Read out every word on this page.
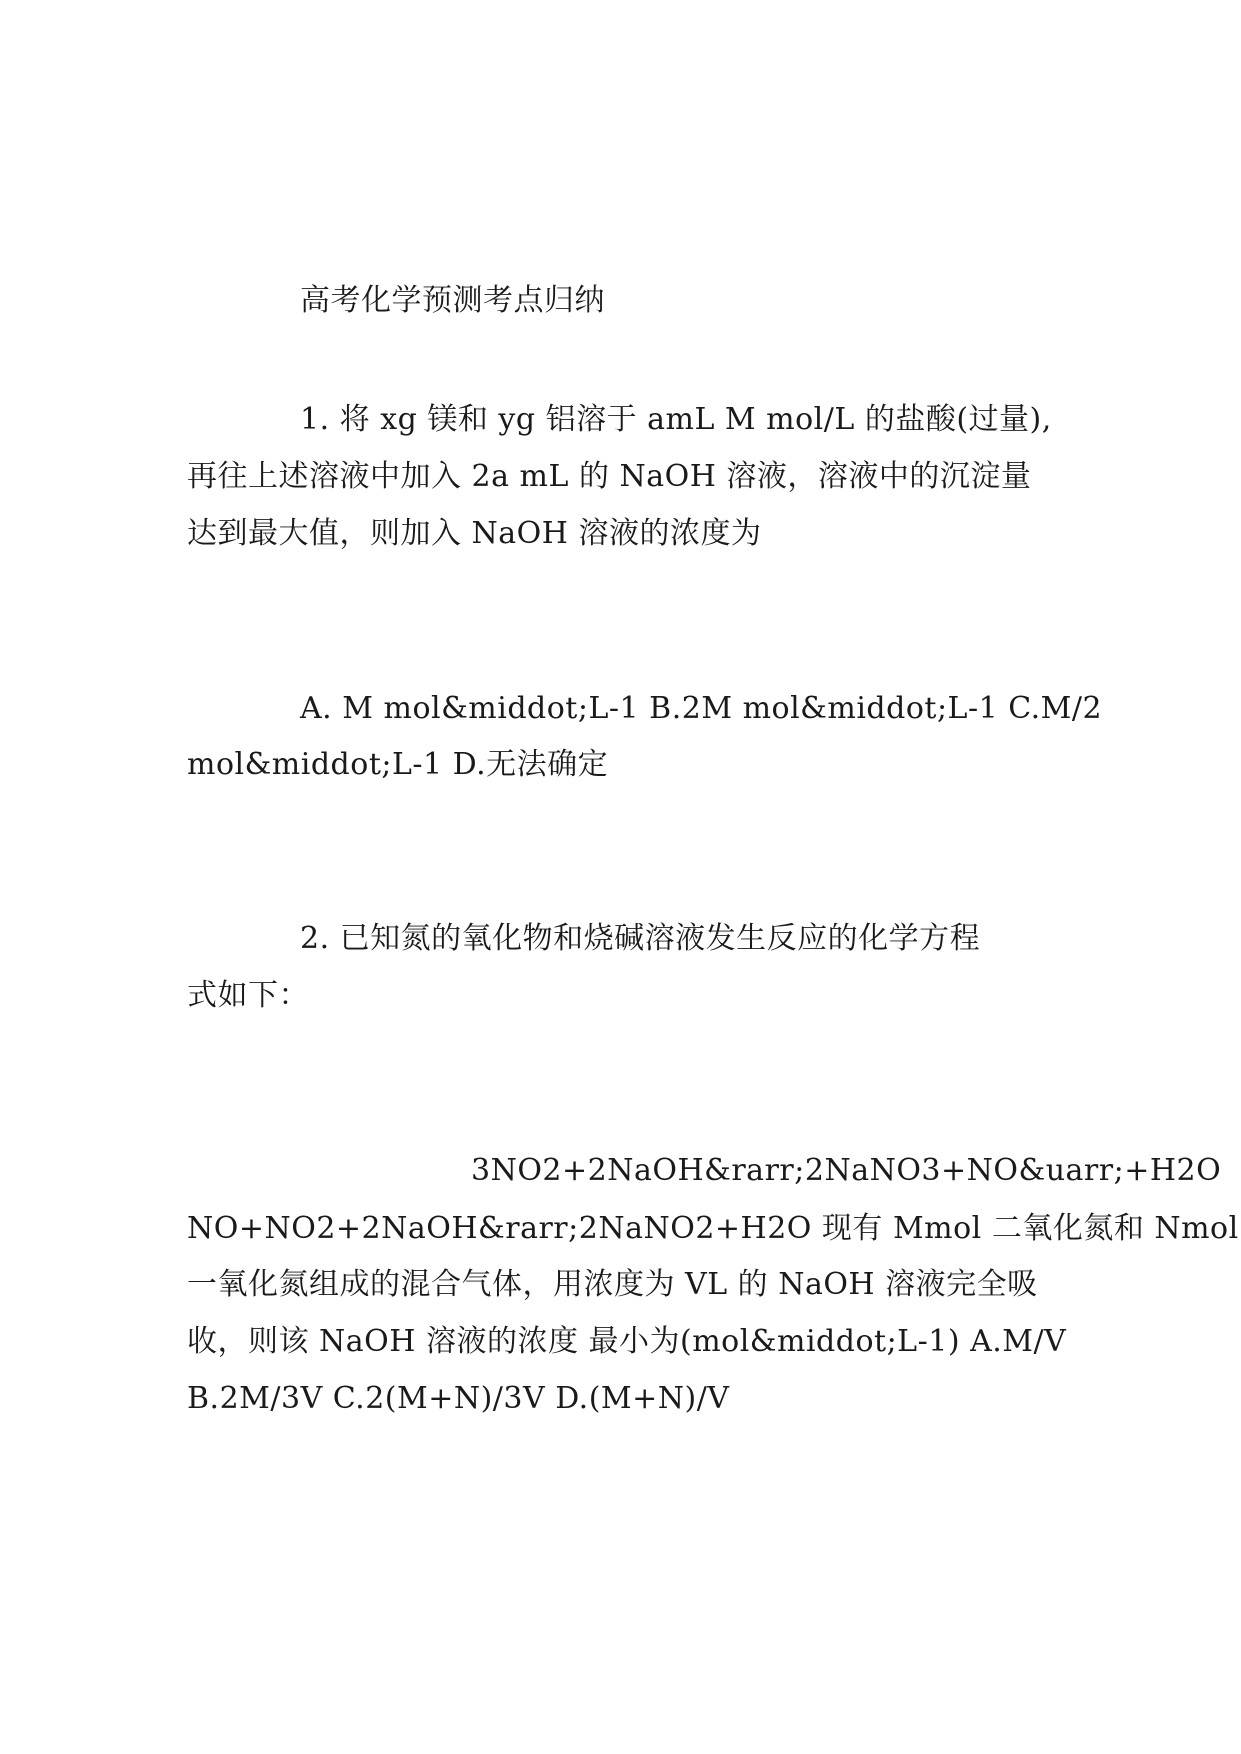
高考化学预测考点归纳
1. 将 xg 镁和 yg 铝溶于 amL M mol/L 的盐酸(过量),
再往上述溶液中加入 2a mL 的 NaOH 溶液，溶液中的沉淀量
达到最大值，则加入 NaOH 溶液的浓度为
A. M mol&middot;L-1 B.2M mol&middot;L-1 C.M/2
mol&middot;L-1 D.无法确定
2. 已知氮的氧化物和烧碱溶液发生反应的化学方程
式如下：
3NO2+2NaOH&rarr;2NaNO3+NO&uarr;+H2O
NO+NO2+2NaOH&rarr;2NaNO2+H2O 现有 Mmol 二氧化氮和 Nmol
一氧化氮组成的混合气体，用浓度为 VL 的 NaOH 溶液完全吸
收，则该 NaOH 溶液的浓度 最小为(mol&middot;L-1) A.M/V
B.2M/3V C.2(M+N)/3V D.(M+N)/V
